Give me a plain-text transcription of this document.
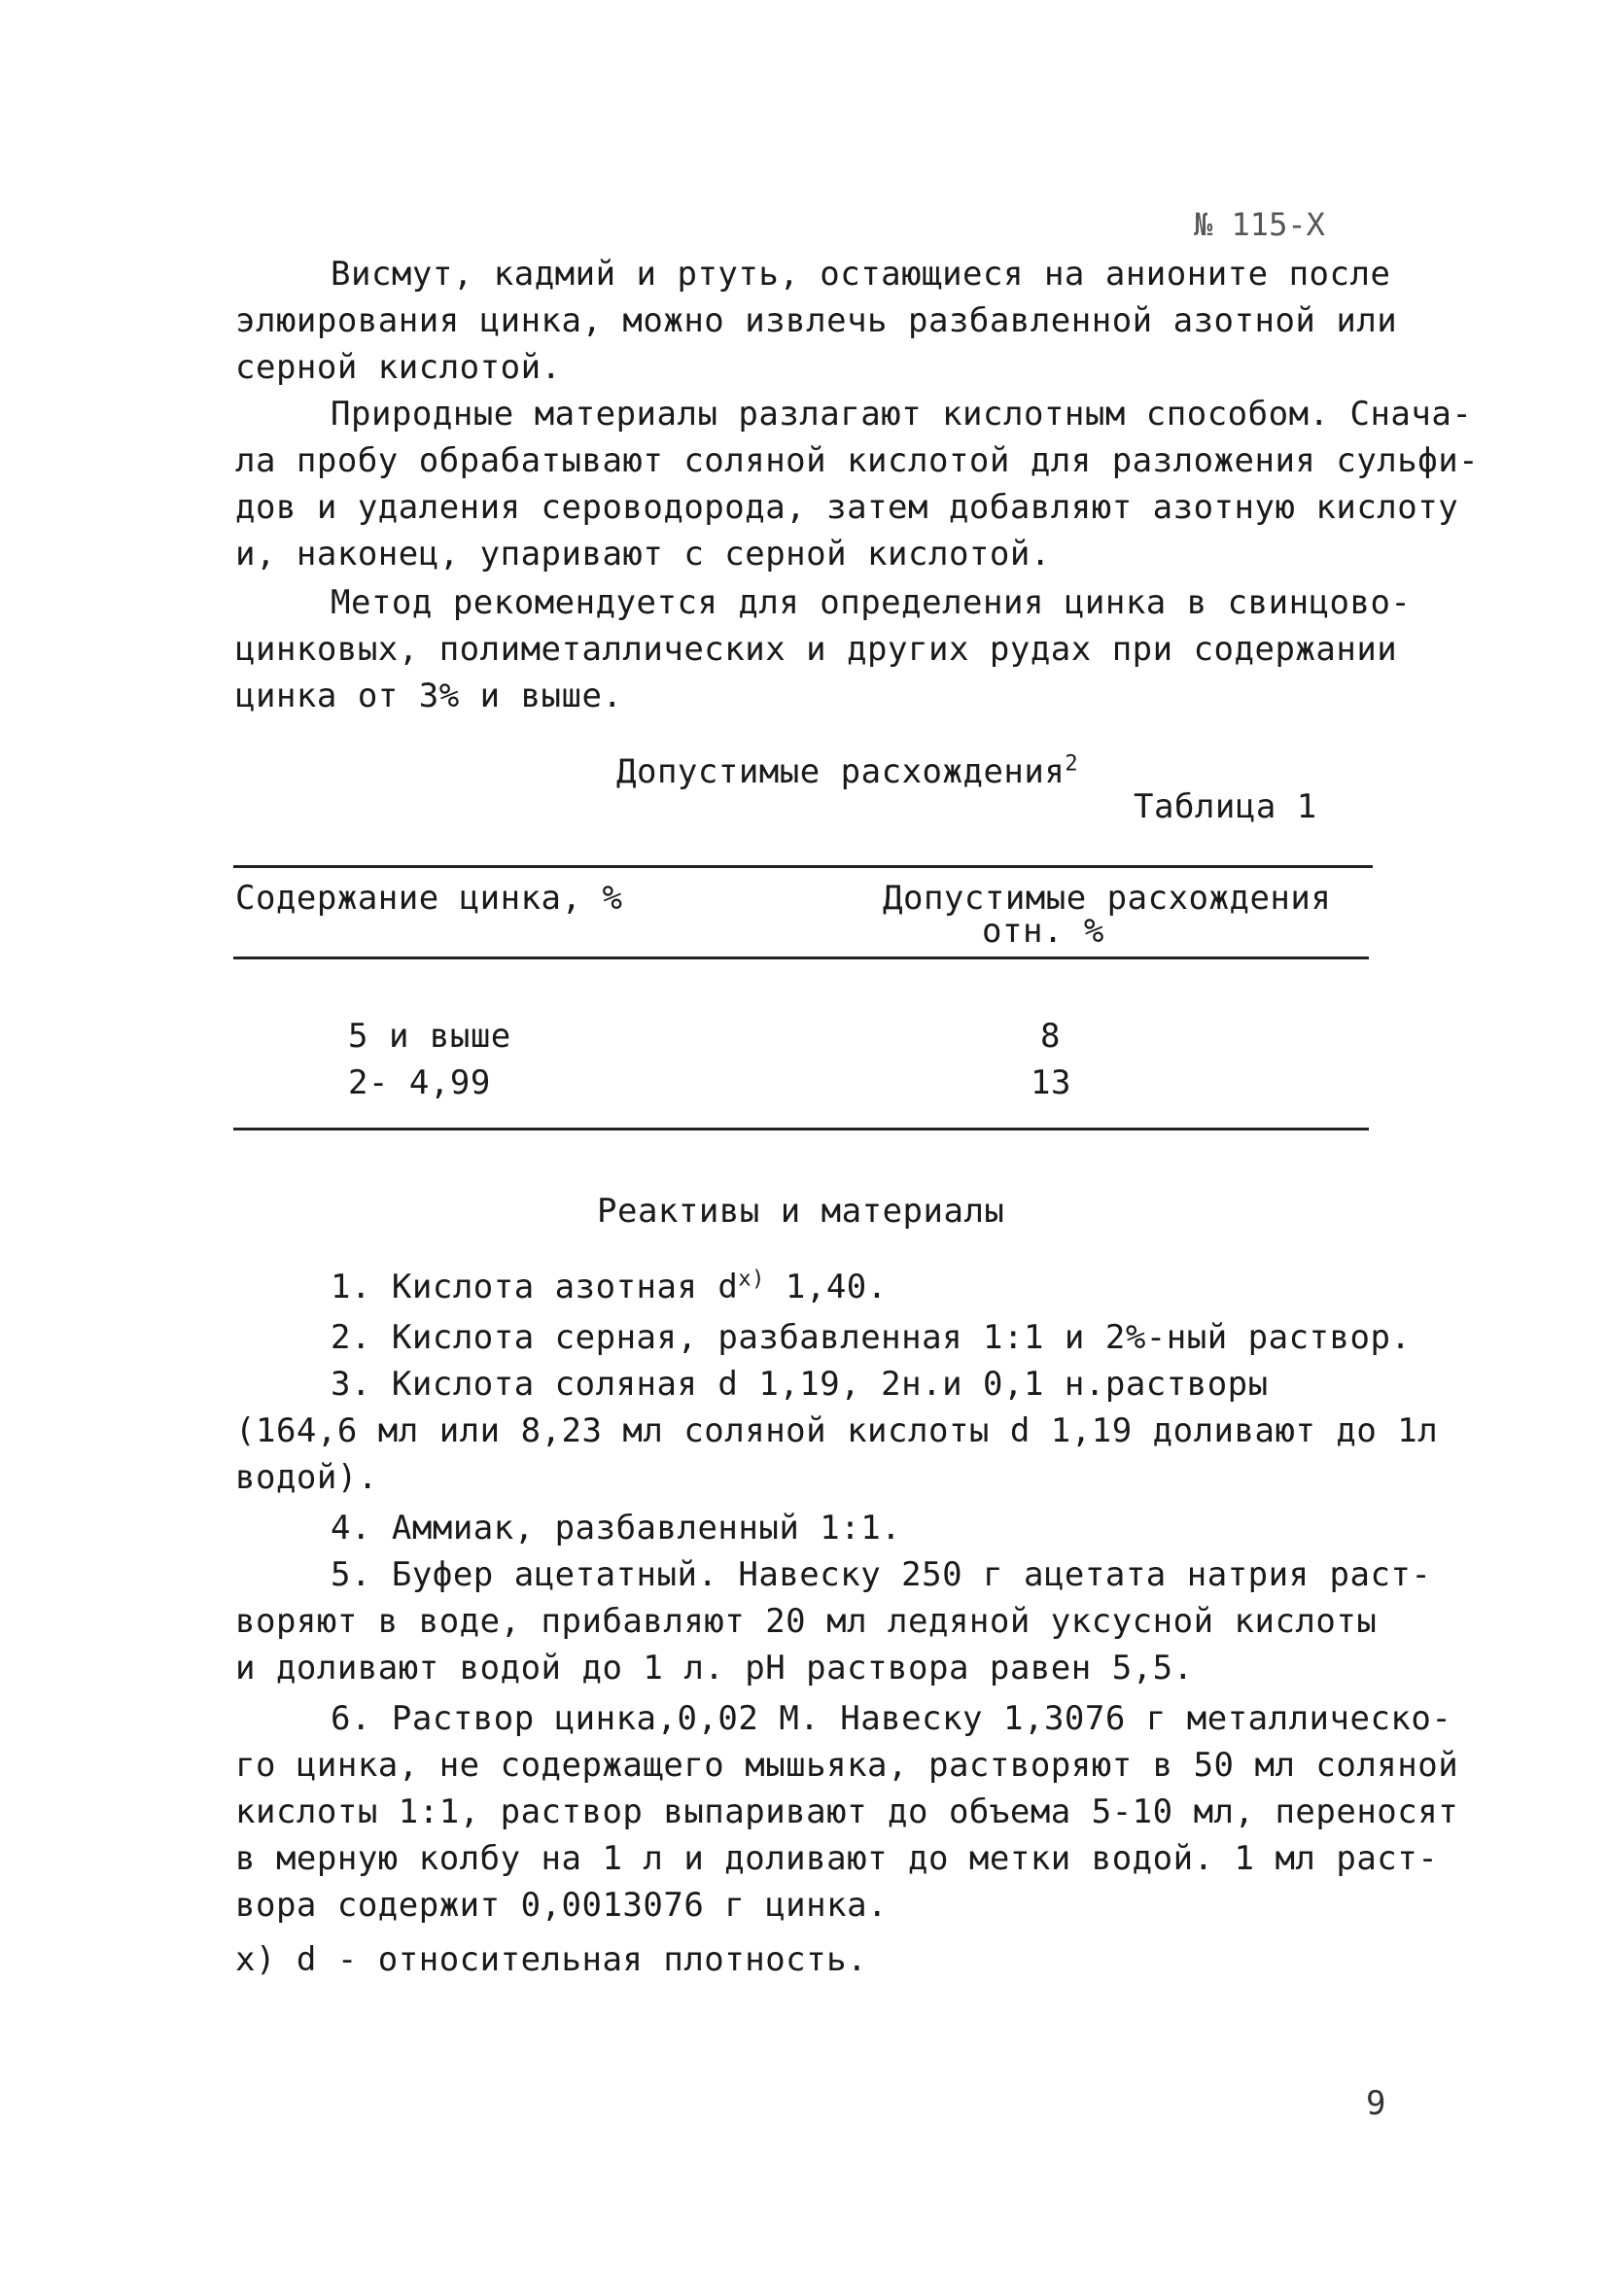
№ 115-Х
Висмут, кадмий и ртуть, остающиеся на анионите после
элюирования цинка, можно извлечь разбавленной азотной или
серной кислотой.
Природные материалы разлагают кислотным способом. Снача-
ла пробу обрабатывают соляной кислотой для разложения сульфи-
дов и удаления сероводорода, затем добавляют азотную кислоту
и, наконец, упаривают с серной кислотой.
Метод рекомендуется для определения цинка в свинцово-
цинковых, полиметаллических и других рудах при содержании
цинка от 3% и выше.
Допустимые расхождения$^2$
Таблица 1
Содержание цинка, %	Допустимые расхождения
отн. %
5 и выше	8
2- 4,99	13
Реактивы и материалы
1. Кислота азотная $d^{x)}$ 1,40.
2. Кислота серная, разбавленная 1:1 и 2%-ный раствор.
3. Кислота соляная d 1,19, 2н.и 0,1 н.растворы
(164,6 мл или 8,23 мл соляной кислоты d 1,19 доливают до 1л
водой).
4. Аммиак, разбавленный 1:1.
5. Буфер ацетатный. Навеску 250 г ацетата натрия раст-
воряют в воде, прибавляют 20 мл ледяной уксусной кислоты
и доливают водой до 1 л. pH раствора равен 5,5.
6. Раствор цинка,0,02 М. Навеску 1,3076 г металлическо-
го цинка, не содержащего мышьяка, растворяют в 50 мл соляной
кислоты 1:1, раствор выпаривают до объема 5-10 мл, переносят
в мерную колбу на 1 л и доливают до метки водой. 1 мл раст-
вора содержит 0,0013076 г цинка.
х) d - относительная плотность.
9
